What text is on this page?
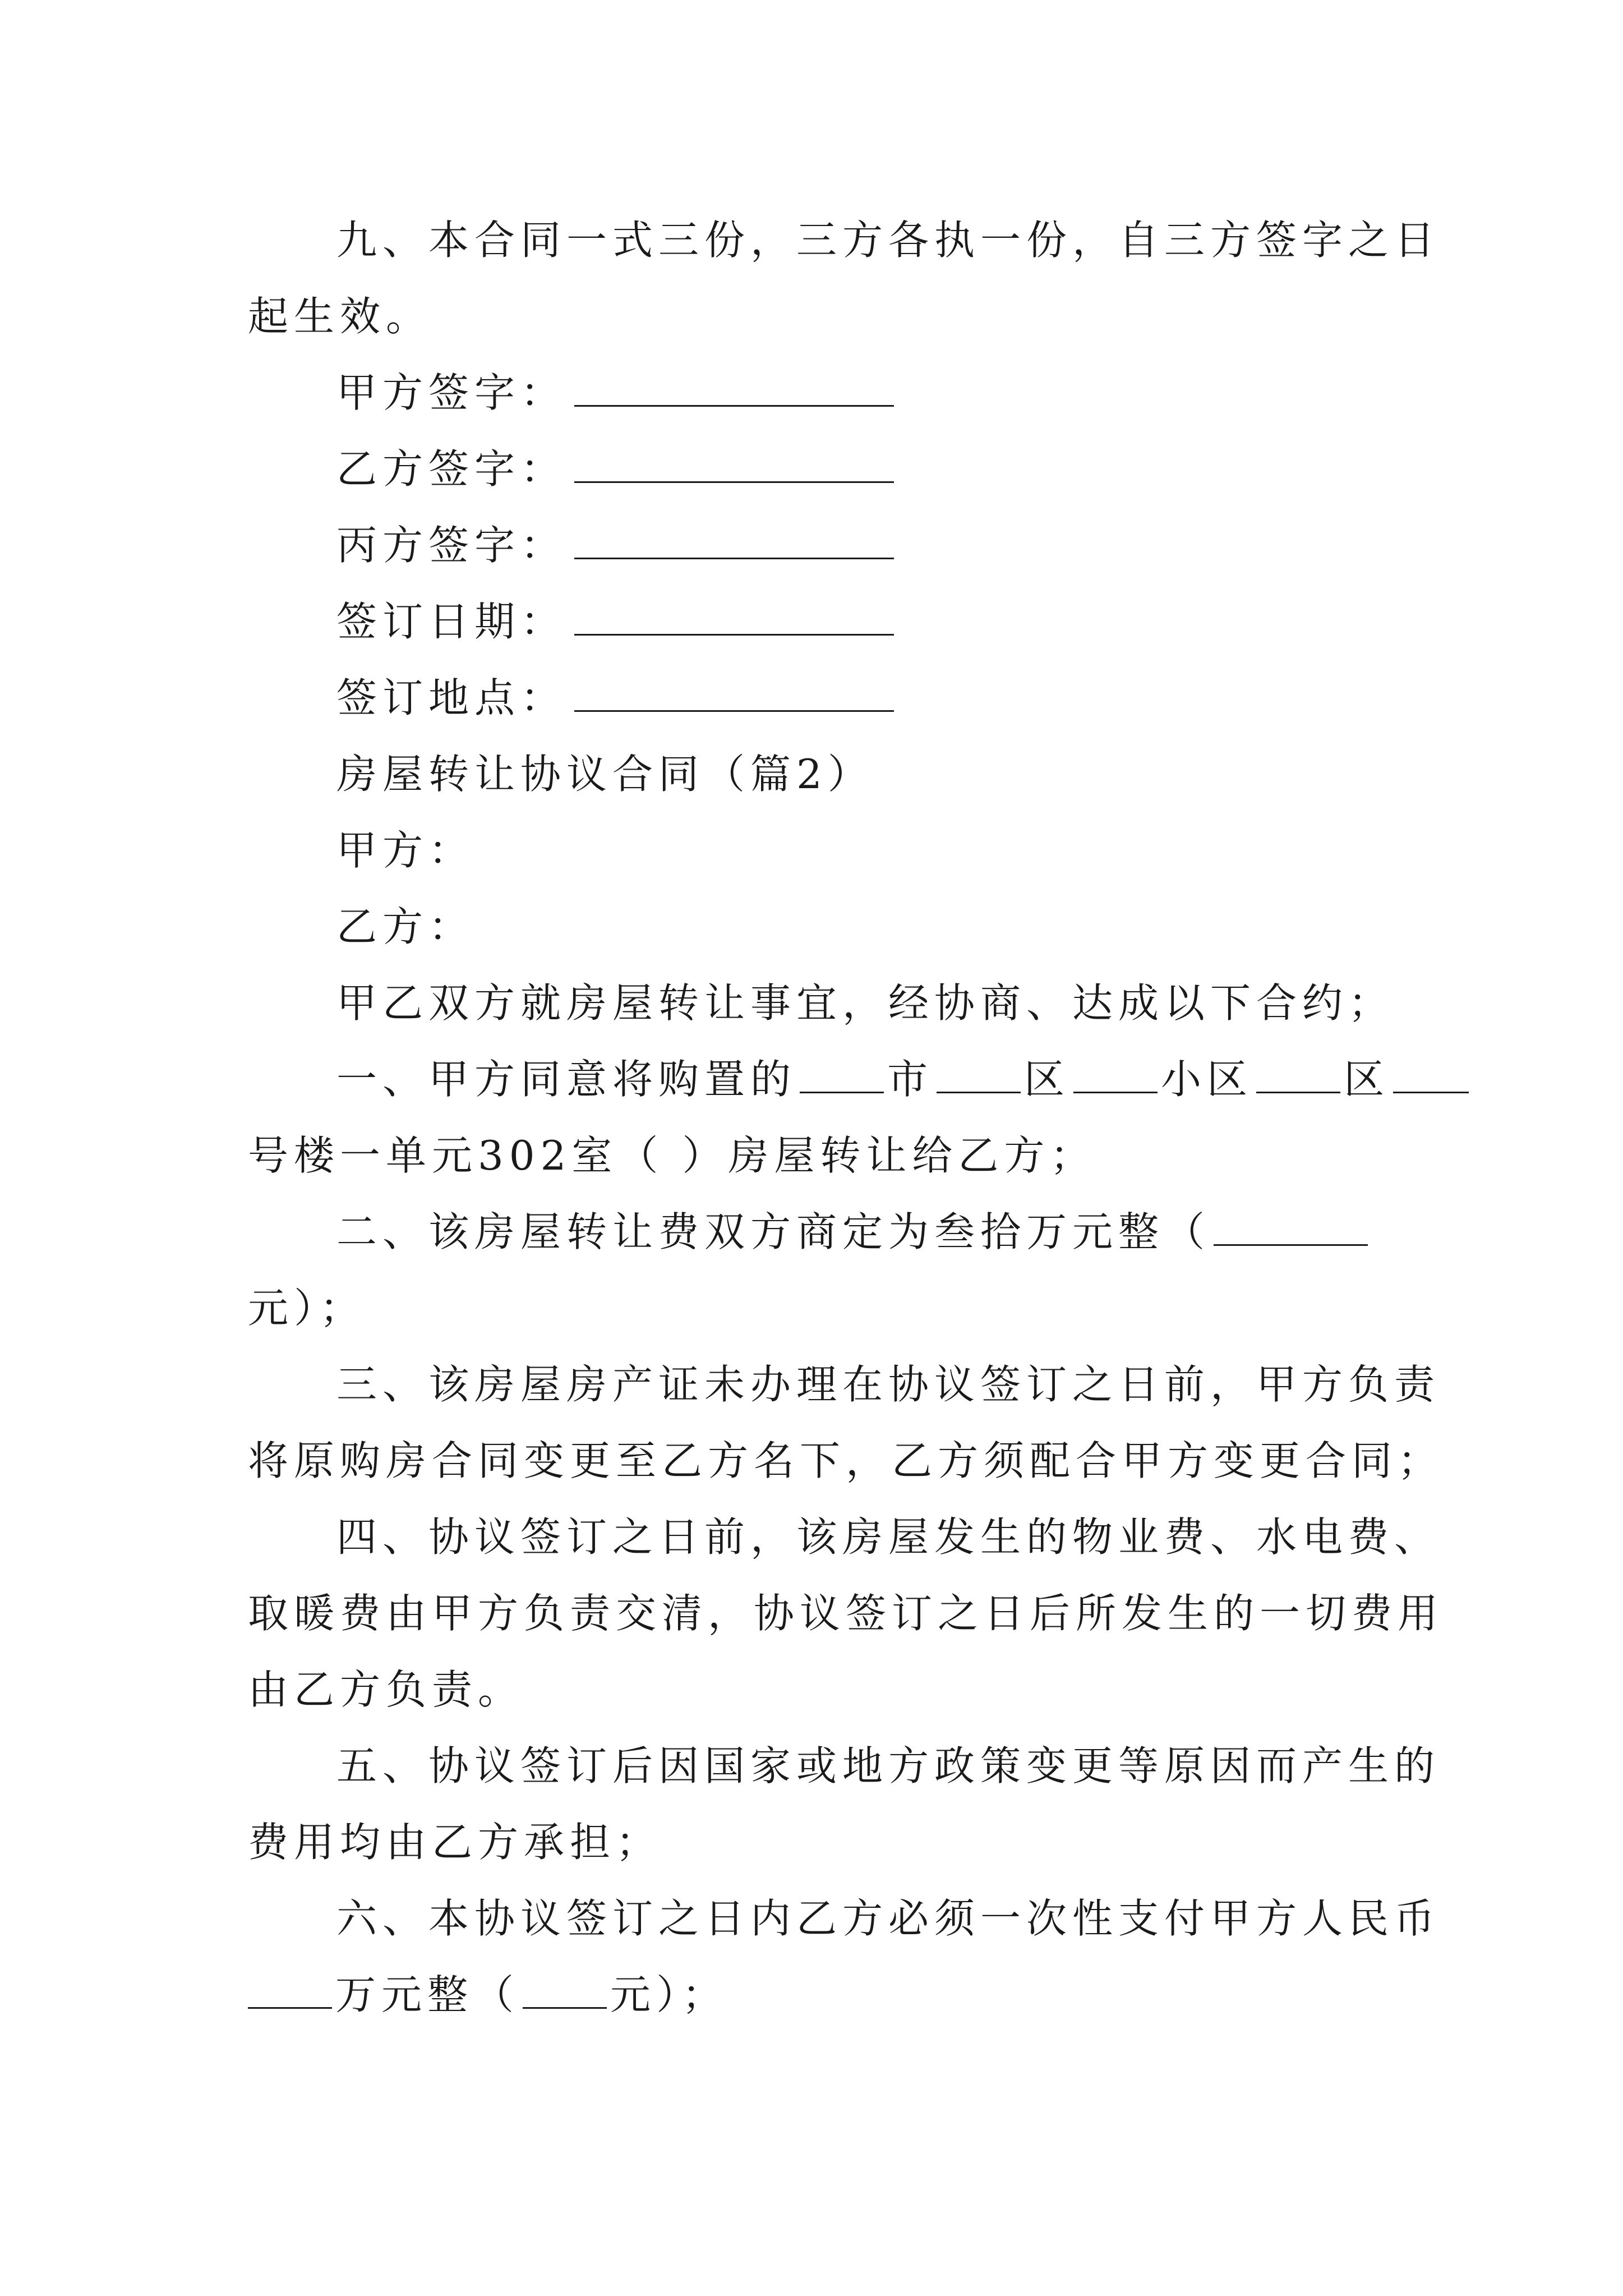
九、本合同一式三份，三方各执一份，自三方签字之日
起生效。
甲方签字：
乙方签字：
丙方签字：
签订日期：
签订地点：
房屋转让协议合同（篇2）
甲方：
乙方：
甲乙双方就房屋转让事宜，经协商、达成以下合约；
一、甲方同意将购置的 市 区 小区 区
号楼一单元302室（ ）房屋转让给乙方；
二、该房屋转让费双方商定为叁拾万元整（
元）；
三、该房屋房产证未办理在协议签订之日前，甲方负责
将原购房合同变更至乙方名下，乙方须配合甲方变更合同；
四、协议签订之日前，该房屋发生的物业费、水电费、
取暖费由甲方负责交清，协议签订之日后所发生的一切费用
由乙方负责。
五、协议签订后因国家或地方政策变更等原因而产生的
费用均由乙方承担；
六、本协议签订之日内乙方必须一次性支付甲方人民币
万元整（ 元）；
